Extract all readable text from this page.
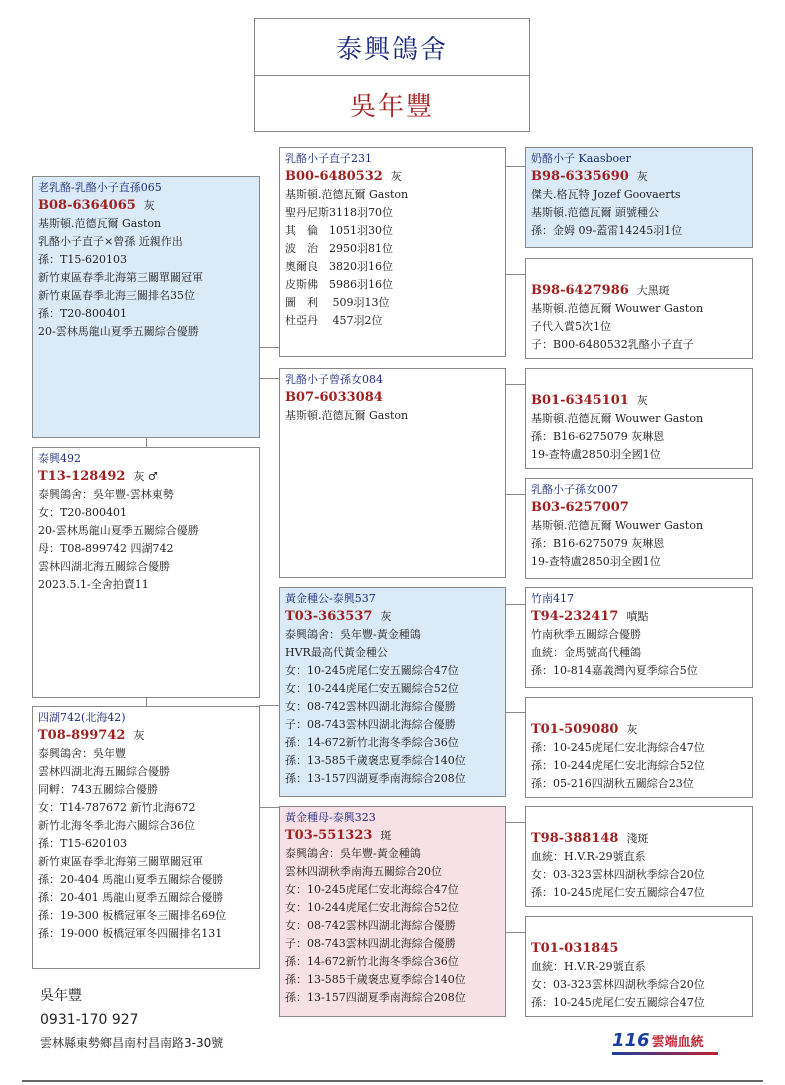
泰興鴿舍
吳年豐
老乳酪-乳酪小子直孫065
B08-6364065 灰
基斯頓.范德瓦爾 Gaston
乳酪小子直子×曾孫 近親作出
孫：T15-620103
新竹東區春季北海第三關單關冠軍
新竹東區春季北海三關排名35位
孫：T20-800401
20-雲林馬龍山夏季五關綜合優勝
泰興492
T13-128492 灰 ♂
泰興鴿舍：吳年豐-雲林東勢
女：T20-800401
20-雲林馬龍山夏季五關綜合優勝
母：T08-899742 四湖742
雲林四湖北海五關綜合優勝
2023.5.1-全舍拍賣11
四湖742(北海42)
T08-899742 灰
泰興鴿舍：吳年豐
雲林四湖北海五關綜合優勝
同孵：743五關綜合優勝
女：T14-787672 新竹北海672
新竹北海冬季北海六關綜合36位
孫：T15-620103
新竹東區春季北海第三關單關冠軍
孫：20-404 馬龍山夏季五關綜合優勝
孫：20-401 馬龍山夏季五關綜合優勝
孫：19-300 板橋冠軍冬三關排名69位
孫：19-000 板橋冠軍冬四關排名131
乳酪小子直子231
B00-6480532 灰
基斯頓.范德瓦爾 Gaston
聖丹尼斯3118羽70位
其　倫　1051羽30位
波　治　2950羽81位
奧爾良　3820羽16位
皮斯佛　5986羽16位
圖　利　 509羽13位
杜亞丹　 457羽2位
乳酪小子曾孫女084
B07-6033084
基斯頓.范德瓦爾 Gaston
黃金種公-泰興537
T03-363537 灰
泰興鴿舍：吳年豐-黃金種鴿
HVR最高代黃金種公
女：10-245虎尾仁安五關綜合47位
女：10-244虎尾仁安五關綜合52位
女：08-742雲林四湖北海綜合優勝
子：08-743雲林四湖北海綜合優勝
孫：14-672新竹北海冬季綜合36位
孫：13-585千歲褒忠夏季綜合140位
孫：13-157四湖夏季南海綜合208位
黃金種母-泰興323
T03-551323 斑
泰興鴿舍：吳年豐-黃金種鴿
雲林四湖秋季南海五關綜合20位
女：10-245虎尾仁安北海綜合47位
女：10-244虎尾仁安北海綜合52位
女：08-742雲林四湖北海綜合優勝
子：08-743雲林四湖北海綜合優勝
孫：14-672新竹北海冬季綜合36位
孫：13-585千歲褒忠夏季綜合140位
孫：13-157四湖夏季南海綜合208位
奶酪小子 Kaasboer
B98-6335690 灰
傑夫.格瓦特 Jozef Goovaerts
基斯頓.范德瓦爾 頭號種公
孫：金姆 09-蓋雷14245羽1位
B98-6427986 大黑斑
基斯頓.范德瓦爾 Wouwer Gaston
子代入賞5次1位
子：B00-6480532乳酪小子直子
B01-6345101 灰
基斯頓.范德瓦爾 Wouwer Gaston
孫：B16-6275079 灰琳恩
19-查特盧2850羽全國1位
乳酪小子孫女007
B03-6257007
基斯頓.范德瓦爾 Wouwer Gaston
孫：B16-6275079 灰琳恩
19-查特盧2850羽全國1位
竹南417
T94-232417 噴點
竹南秋季五關綜合優勝
血統：金馬號高代種鴿
孫：10-814嘉義灣內夏季綜合5位
T01-509080 灰
孫：10-245虎尾仁安北海綜合47位
孫：10-244虎尾仁安北海綜合52位
孫：05-216四湖秋五關綜合23位
T98-388148 淺斑
血統：H.V.R-29號直系
女：03-323雲林四湖秋季綜合20位
孫：10-245虎尾仁安五關綜合47位
T01-031845
血統：H.V.R-29號直系
女：03-323雲林四湖秋季綜合20位
孫：10-245虎尾仁安五關綜合47位
吳年豐
0931-170 927
雲林縣東勢鄉昌南村昌南路3-30號	116 雲端血統
